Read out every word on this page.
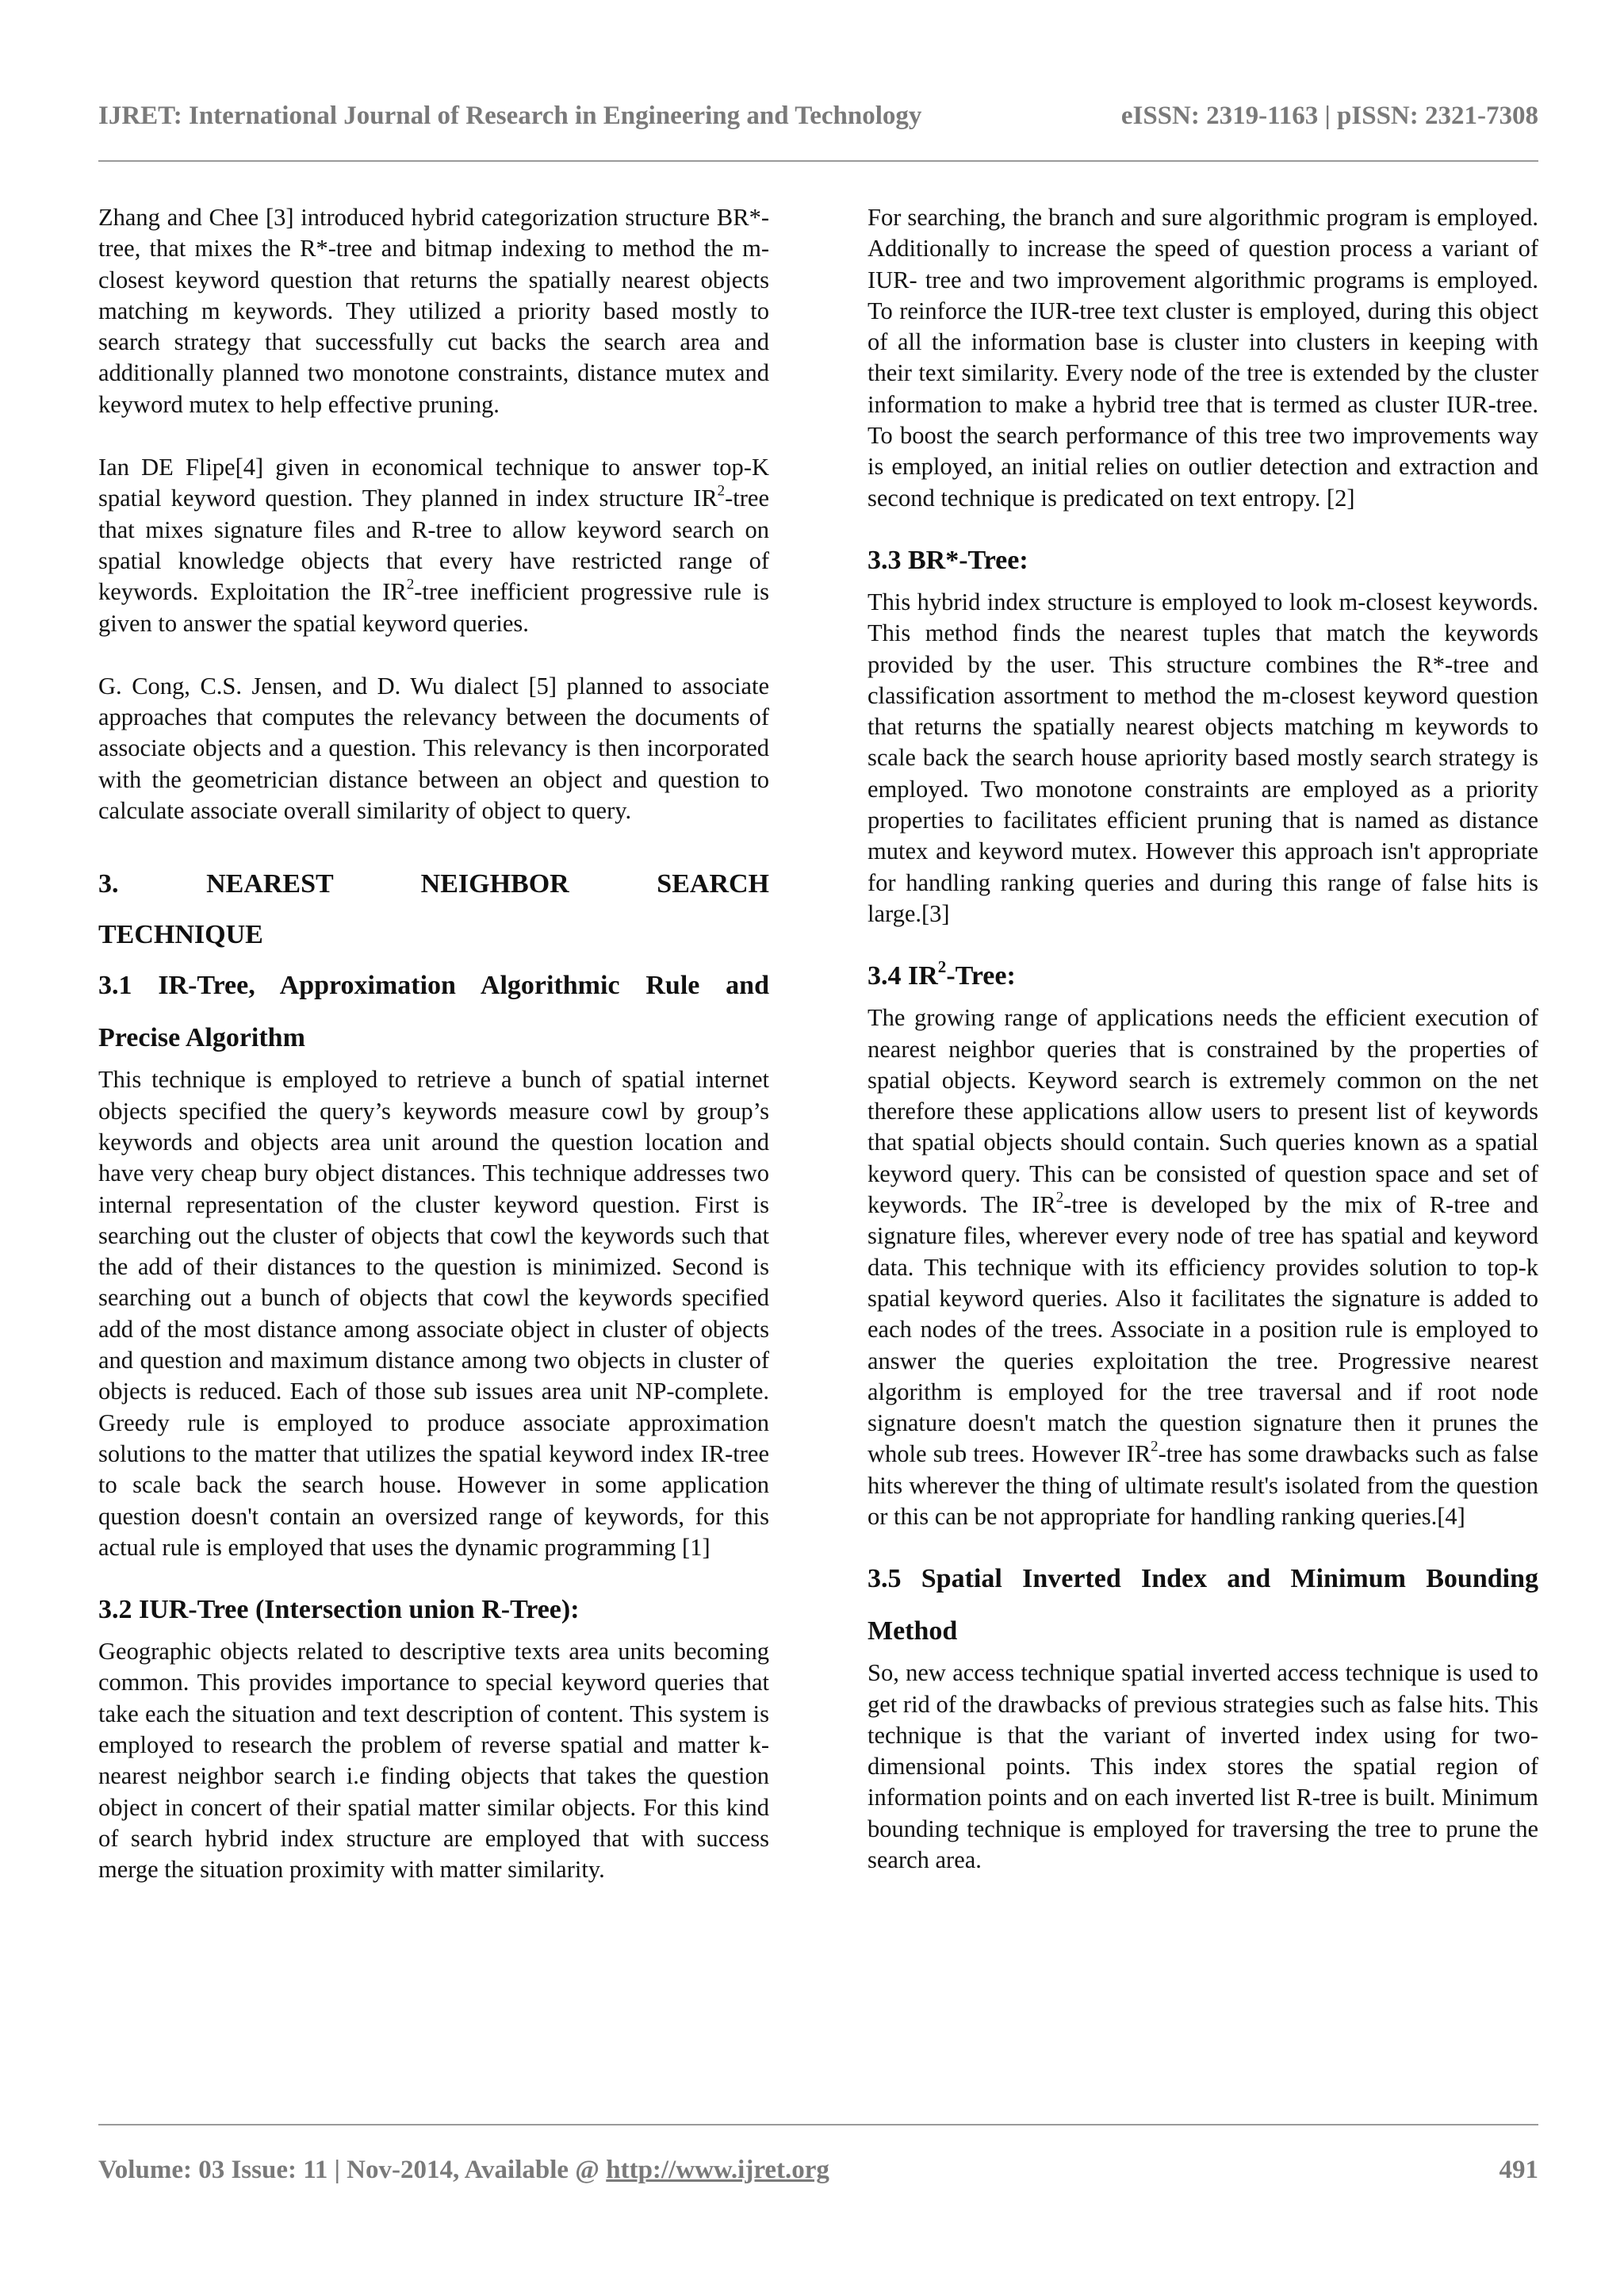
IJRET: International Journal of Research in Engineering and Technology	eISSN: 2319-1163 | pISSN: 2321-7308

Zhang and Chee [3] introduced hybrid categorization structure BR*-tree, that mixes the R*-tree and bitmap indexing to method the m-closest keyword question that returns the spatially nearest objects matching m keywords. They utilized a priority based mostly to search strategy that successfully cut backs the search area and additionally planned two monotone constraints, distance mutex and keyword mutex to help effective pruning.

Ian DE Flipe[4] given in economical technique to answer top-K spatial keyword question. They planned in index structure $IR^2$-tree that mixes signature files and R-tree to allow keyword search on spatial knowledge objects that every have restricted range of keywords. Exploitation the $IR^2$-tree inefficient progressive rule is given to answer the spatial keyword queries.

G. Cong, C.S. Jensen, and D. Wu dialect [5] planned to associate approaches that computes the relevancy between the documents of associate objects and a question. This relevancy is then incorporated with the geometrician distance between an object and question to calculate associate overall similarity of object to query.

3. NEAREST NEIGHBOR SEARCH
TECHNIQUE
3.1 IR-Tree, Approximation Algorithmic Rule and
Precise Algorithm

This technique is employed to retrieve a bunch of spatial internet objects specified the query’s keywords measure cowl by group’s keywords and objects area unit around the question location and have very cheap bury object distances. This technique addresses two internal representation of the cluster keyword question. First is searching out the cluster of objects that cowl the keywords such that the add of their distances to the question is minimized. Second is searching out a bunch of objects that cowl the keywords specified add of the most distance among associate object in cluster of objects and question and maximum distance among two objects in cluster of objects is reduced. Each of those sub issues area unit NP-complete. Greedy rule is employed to produce associate approximation solutions to the matter that utilizes the spatial keyword index IR-tree to scale back the search house. However in some application question doesn't contain an oversized range of keywords, for this actual rule is employed that uses the dynamic programming [1]

3.2 IUR-Tree (Intersection union R-Tree):

Geographic objects related to descriptive texts area units becoming common. This provides importance to special keyword queries that take each the situation and text description of content. This system is employed to research the problem of reverse spatial and matter k- nearest neighbor search i.e finding objects that takes the question object in concert of their spatial matter similar objects. For this kind of search hybrid index structure are employed that with success merge the situation proximity with matter similarity.

For searching, the branch and sure algorithmic program is employed. Additionally to increase the speed of question process a variant of IUR- tree and two improvement algorithmic programs is employed. To reinforce the IUR-tree text cluster is employed, during this object of all the information base is cluster into clusters in keeping with their text similarity. Every node of the tree is extended by the cluster information to make a hybrid tree that is termed as cluster IUR-tree. To boost the search performance of this tree two improvements way is employed, an initial relies on outlier detection and extraction and second technique is predicated on text entropy. [2]

3.3 BR*-Tree:

This hybrid index structure is employed to look m-closest keywords. This method finds the nearest tuples that match the keywords provided by the user. This structure combines the R*-tree and classification assortment to method the m-closest keyword question that returns the spatially nearest objects matching m keywords to scale back the search house apriority based mostly search strategy is employed. Two monotone constraints are employed as a priority properties to facilitates efficient pruning that is named as distance mutex and keyword mutex. However this approach isn't appropriate for handling ranking queries and during this range of false hits is large.[3]

3.4 $IR^2$-Tree:

The growing range of applications needs the efficient execution of nearest neighbor queries that is constrained by the properties of spatial objects. Keyword search is extremely common on the net therefore these applications allow users to present list of keywords that spatial objects should contain. Such queries known as a spatial keyword query. This can be consisted of question space and set of keywords. The $IR^2$-tree is developed by the mix of R-tree and signature files, wherever every node of tree has spatial and keyword data. This technique with its efficiency provides solution to top-k spatial keyword queries. Also it facilitates the signature is added to each nodes of the trees. Associate in a position rule is employed to answer the queries exploitation the tree. Progressive nearest algorithm is employed for the tree traversal and if root node signature doesn't match the question signature then it prunes the whole sub trees. However $IR^2$-tree has some drawbacks such as false hits wherever the thing of ultimate result's isolated from the question or this can be not appropriate for handling ranking queries.[4]

3.5 Spatial Inverted Index and Minimum Bounding
Method

So, new access technique spatial inverted access technique is used to get rid of the drawbacks of previous strategies such as false hits. This technique is that the variant of inverted index using for two-dimensional points. This index stores the spatial region of information points and on each inverted list R-tree is built. Minimum bounding technique is employed for traversing the tree to prune the search area.

Volume: 03 Issue: 11 | Nov-2014, Available @ http://www.ijret.org	491
